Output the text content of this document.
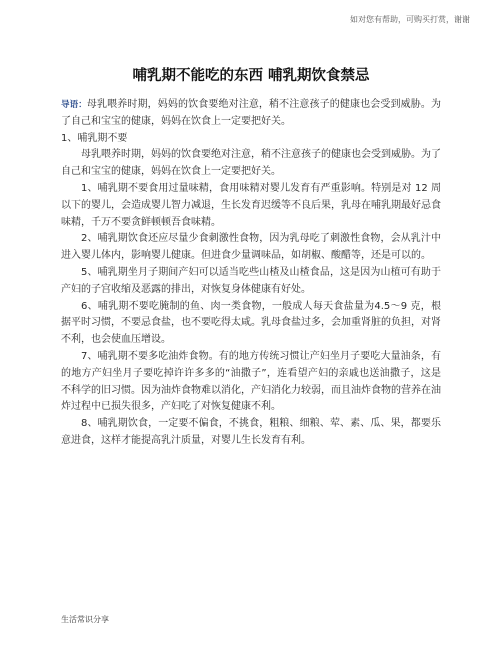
如对您有帮助，可购买打赏，谢谢
哺乳期不能吃的东西 哺乳期饮食禁忌

导语：母乳喂养时期，妈妈的饮食要绝对注意，稍不注意孩子的健康也会受到威胁。为了自己和宝宝的健康，妈妈在饮食上一定要把好关。

1、哺乳期不要

母乳喂养时期，妈妈的饮食要绝对注意，稍不注意孩子的健康也会受到威胁。为了自己和宝宝的健康，妈妈在饮食上一定要把好关。

1、哺乳期不要食用过量味精，食用味精对婴儿发育有严重影响。特别是对 12 周以下的婴儿，会造成婴儿智力减退，生长发育迟缓等不良后果，乳母在哺乳期最好忌食味精，千万不要贪鲜顿顿吾食味精。

2、哺乳期饮食还应尽量少食刺激性食物，因为乳母吃了刺激性食物，会从乳汁中进入婴儿体内，影响婴儿健康。但进食少量调味品，如胡椒、酸醋等，还是可以的。

5、哺乳期坐月子期间产妇可以适当吃些山楂及山楂食品，这是因为山植可有助于产妇的子宫收缩及恶露的排出，对恢复身体健康有好处。

6、哺乳期不要吃腌制的鱼、肉一类食物，一般成人每天食盐量为4.5～9 克，根据平时习惯，不要忌食盐，也不要吃得太咸。乳母食盐过多，会加重肾脏的负担，对肾不利，也会使血压增设。

7、哺乳期不要多吃油炸食物。有的地方传统习惯让产妇坐月子要吃大量油条，有的地方产妇坐月子要吃掉许许多多的“油撒子”，连看望产妇的亲戚也送油撒子，这是不科学的旧习惯。因为油炸食物难以消化，产妇消化力较弱，而且油炸食物的营养在油炸过程中已损失很多，产妇吃了对恢复健康不利。

8、哺乳期饮食，一定要不偏食，不挑食，粗粮、细粮、荤、素、瓜、果，都要乐意进食，这样才能提高乳汁质量，对婴儿生长发育有利。

生活常识分享
